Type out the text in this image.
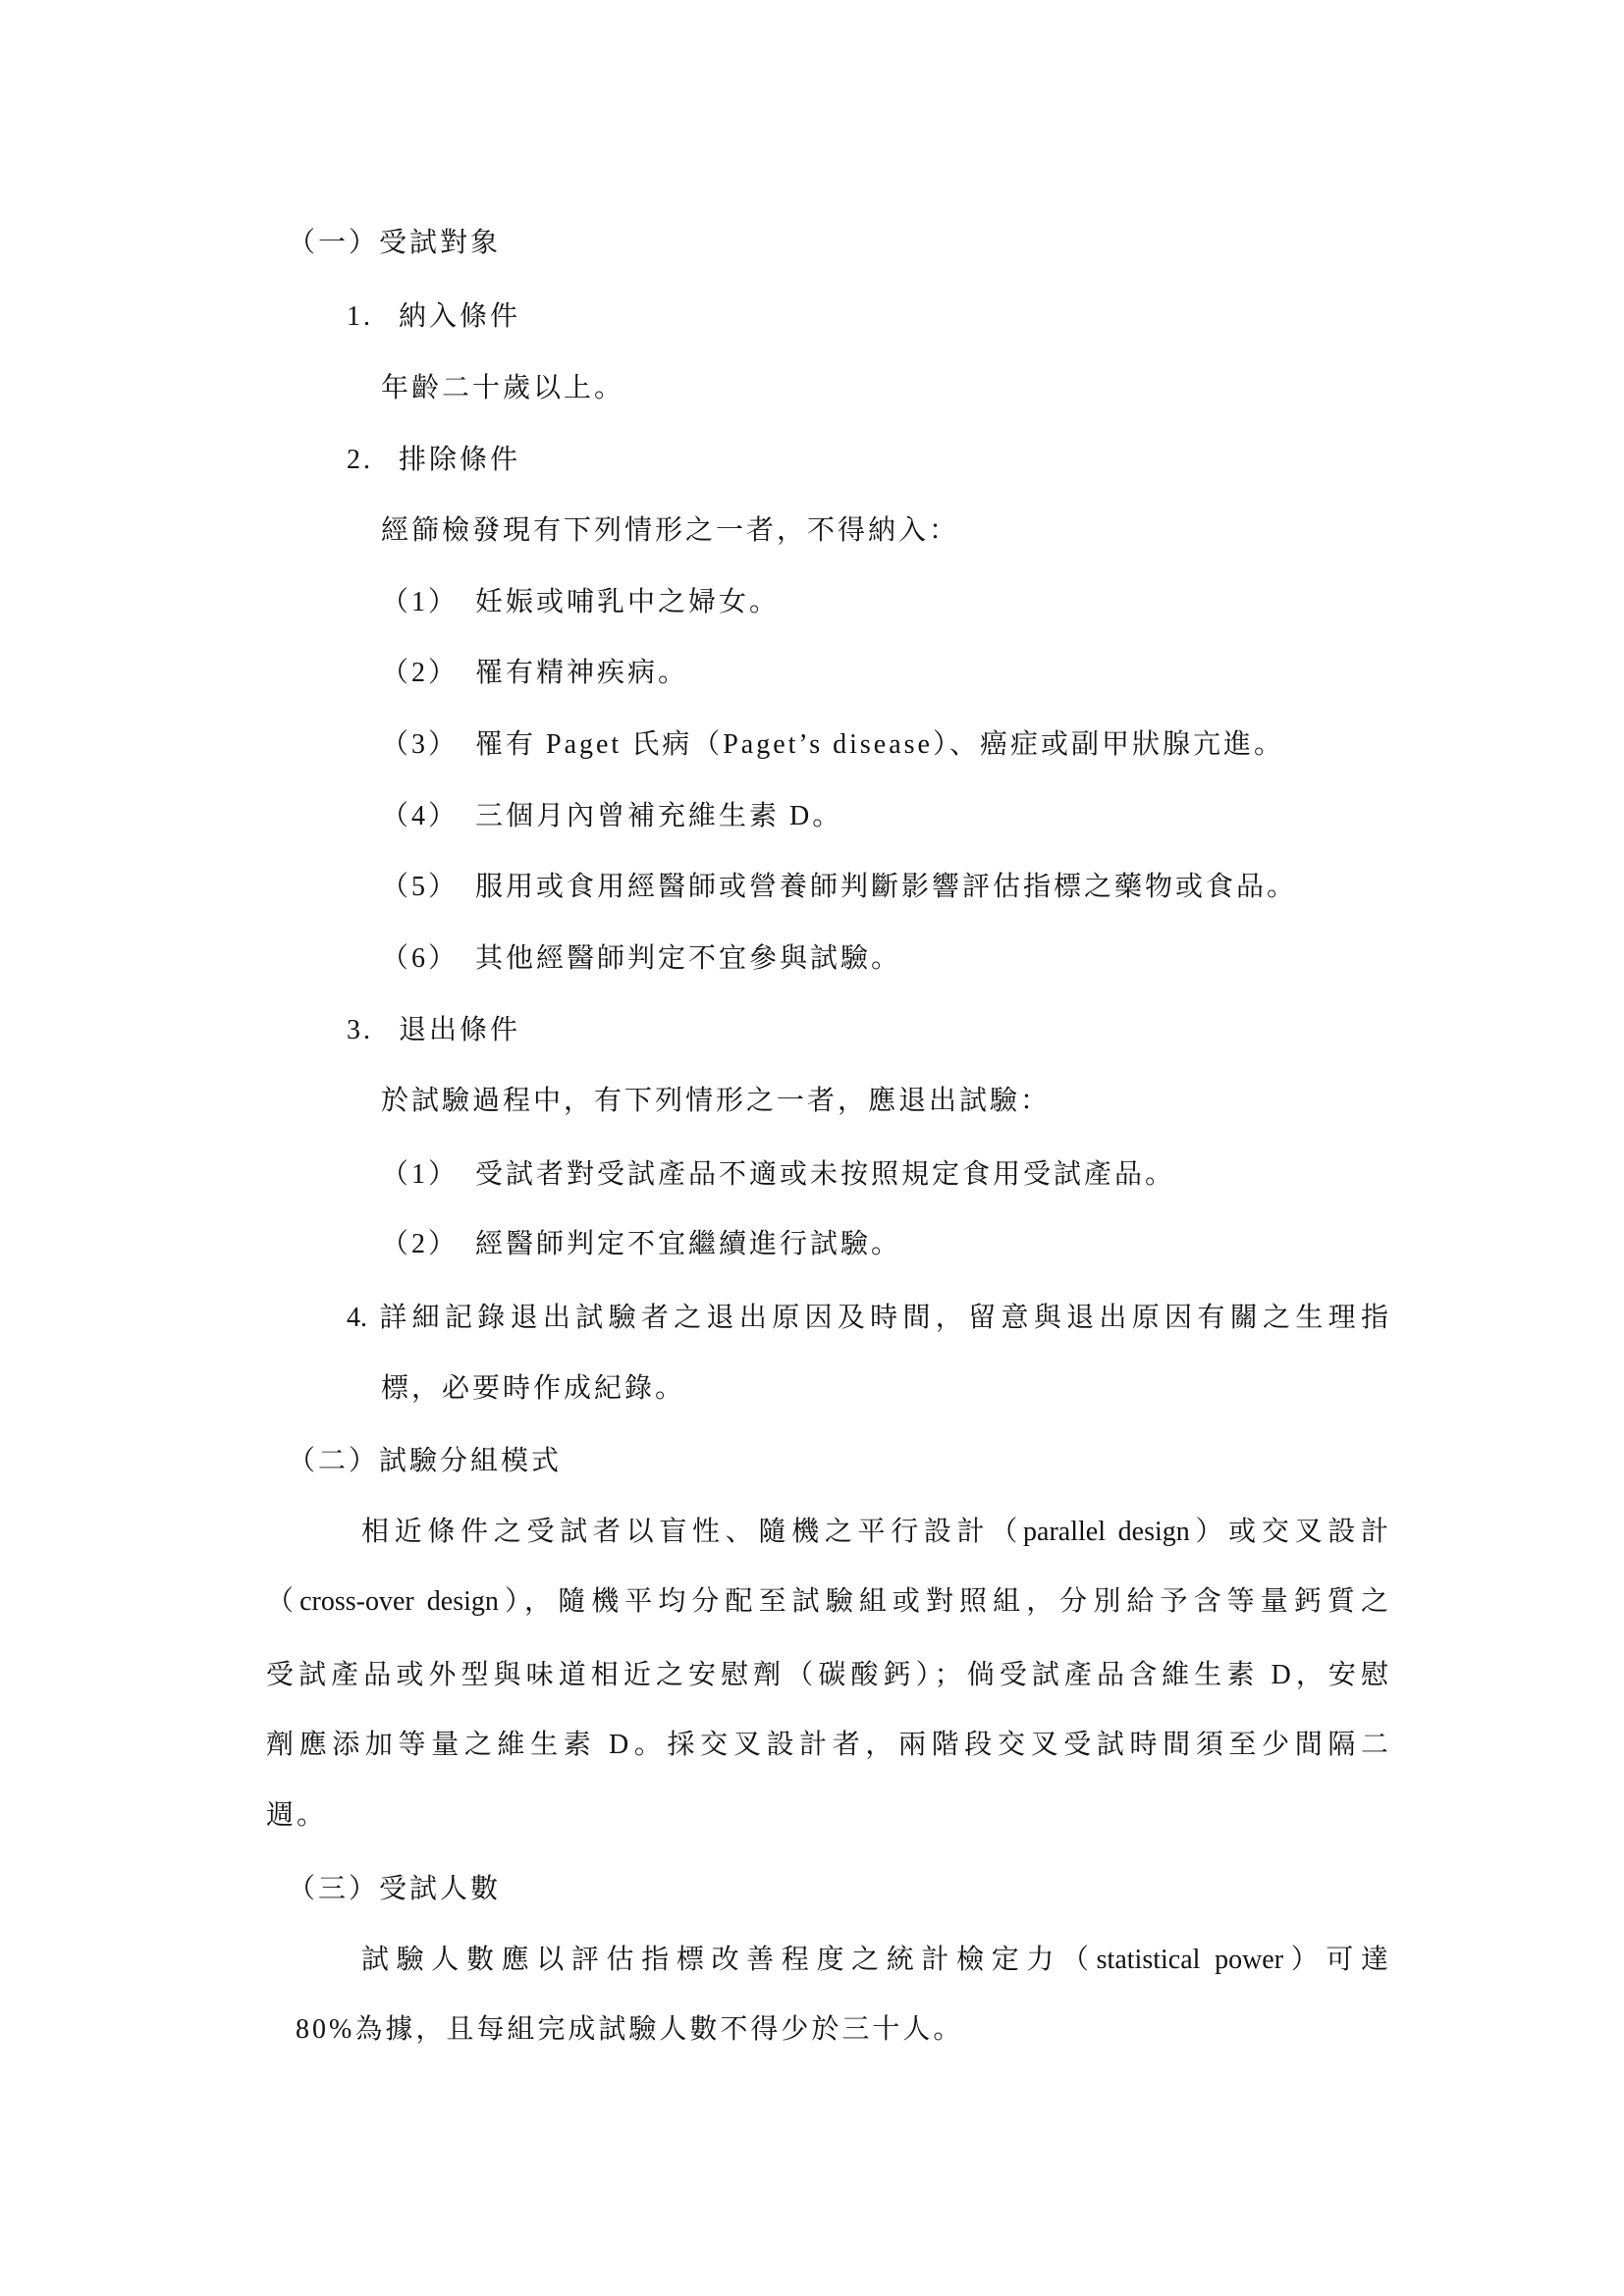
（一）受試對象
1. 納入條件
年齡二十歲以上。
2. 排除條件
經篩檢發現有下列情形之一者，不得納入：
（1） 妊娠或哺乳中之婦女。
（2） 罹有精神疾病。
（3） 罹有 Paget 氏病（Paget’s disease）、癌症或副甲狀腺亢進。
（4） 三個月內曾補充維生素 D。
（5） 服用或食用經醫師或營養師判斷影響評估指標之藥物或食品。
（6） 其他經醫師判定不宜參與試驗。
3. 退出條件
於試驗過程中，有下列情形之一者，應退出試驗：
（1） 受試者對受試產品不適或未按照規定食用受試產品。
（2） 經醫師判定不宜繼續進行試驗。
4. 詳細記錄退出試驗者之退出原因及時間，留意與退出原因有關之生理指
標，必要時作成紀錄。
（二）試驗分組模式
相近條件之受試者以盲性、隨機之平行設計（parallel design）或交叉設計
（cross-over design），隨機平均分配至試驗組或對照組，分別給予含等量鈣質之
受試產品或外型與味道相近之安慰劑（碳酸鈣）；倘受試產品含維生素 D，安慰
劑應添加等量之維生素 D。採交叉設計者，兩階段交叉受試時間須至少間隔二
週。
（三）受試人數
試驗人數應以評估指標改善程度之統計檢定力（statistical power）可達
80%為據，且每組完成試驗人數不得少於三十人。
